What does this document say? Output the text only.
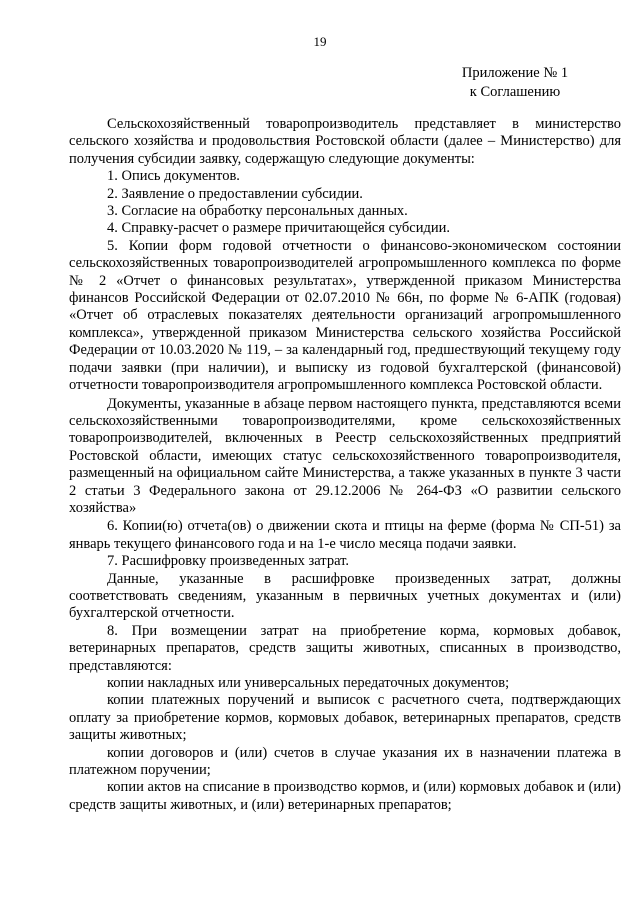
19
Приложение № 1
к Соглашению

Сельскохозяйственный товаропроизводитель представляет в министерство сельского хозяйства и продовольствия Ростовской области (далее – Министерство) для получения субсидии заявку, содержащую следующие документы:

1. Опись документов.

2. Заявление о предоставлении субсидии.

3. Согласие на обработку персональных данных.

4. Справку-расчет о размере причитающейся субсидии.

5. Копии форм годовой отчетности о финансово-экономическом состоянии сельскохозяйственных товаропроизводителей агропромышленного комплекса по форме № 2 «Отчет о финансовых результатах», утвержденной приказом Министерства финансов Российской Федерации от 02.07.2010 № 66н, по форме № 6-АПК (годовая) «Отчет об отраслевых показателях деятельности организаций агропромышленного комплекса», утвержденной приказом Министерства сельского хозяйства Российской Федерации от 10.03.2020 № 119, – за календарный год, предшествующий текущему году подачи заявки (при наличии), и выписку из годовой бухгалтерской (финансовой) отчетности товаропроизводителя агропромышленного комплекса Ростовской области.

Документы, указанные в абзаце первом настоящего пункта, представляются всеми сельскохозяйственными товаропроизводителями, кроме сельскохозяйственных товаропроизводителей, включенных в Реестр сельскохозяйственных предприятий Ростовской области, имеющих статус сельскохозяйственного товаропроизводителя, размещенный на официальном сайте Министерства, а также указанных в пункте 3 части 2 статьи 3 Федерального закона от 29.12.2006 № 264-ФЗ «О развитии сельского хозяйства»

6. Копии(ю) отчета(ов) о движении скота и птицы на ферме (форма № СП-51) за январь текущего финансового года и на 1-е число месяца подачи заявки.

7. Расшифровку произведенных затрат.

Данные, указанные в расшифровке произведенных затрат, должны соответствовать сведениям, указанным в первичных учетных документах и (или) бухгалтерской отчетности.

8. При возмещении затрат на приобретение корма, кормовых добавок, ветеринарных препаратов, средств защиты животных, списанных в производство, представляются:

копии накладных или универсальных передаточных документов;

копии платежных поручений и выписок с расчетного счета, подтверждающих оплату за приобретение кормов, кормовых добавок, ветеринарных препаратов, средств защиты животных;

копии договоров и (или) счетов в случае указания их в назначении платежа в платежном поручении;

копии актов на списание в производство кормов, и (или) кормовых добавок и (или) средств защиты животных, и (или) ветеринарных препаратов;
